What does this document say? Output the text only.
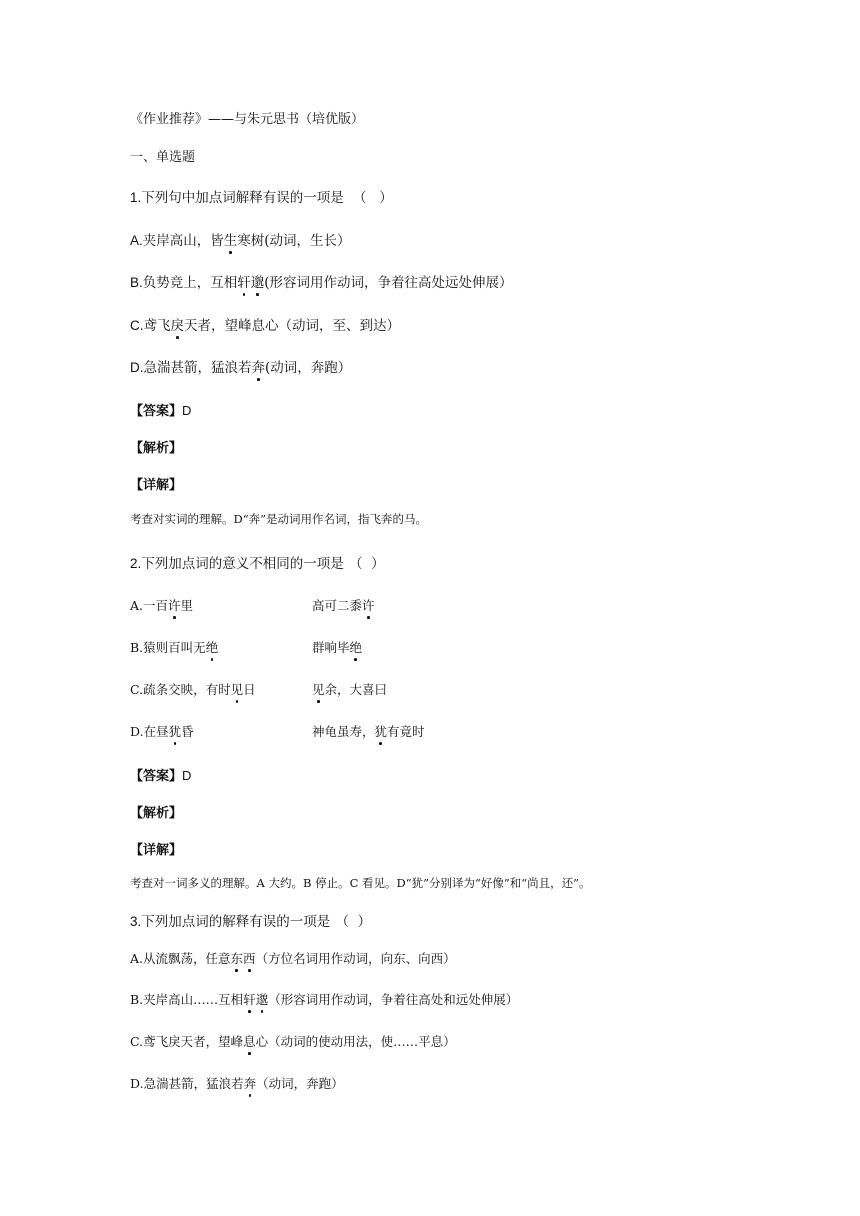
《作业推荐》——与朱元思书（培优版）
一、单选题
1.下列句中加点词解释有误的一项是 （ ）
A.夹岸高山，皆生寒树(动词，生长）
B.负势竞上，互相轩邈(形容词用作动词，争着往高处远处伸展）
C.鸢飞戾天者，望峰息心（动词，至、到达）
D.急湍甚箭，猛浪若奔(动词，奔跑）
【答案】D
【解析】
【详解】
考查对实词的理解。D“奔”是动词用作名词，指飞奔的马。
2.下列加点词的意义不相同的一项是 （ ）
A.一百许里	高可二黍许
B.猿则百叫无绝	群响毕绝
C.疏条交映，有时见日	见余，大喜曰
D.在昼犹昏	神龟虽寿，犹有竟时
【答案】D
【解析】
【详解】
考查对一词多义的理解。A 大约。B 停止。C 看见。D“犹”分别译为“好像”和“尚且，还”。
3.下列加点词的解释有误的一项是 （ ）
A.从流飘荡，任意东西（方位名词用作动词，向东、向西）
B.夹岸高山……互相轩邈（形容词用作动词，争着往高处和远处伸展）
C.鸢飞戾天者，望峰息心（动词的使动用法，使……平息）
D.急湍甚箭，猛浪若奔（动词，奔跑）
